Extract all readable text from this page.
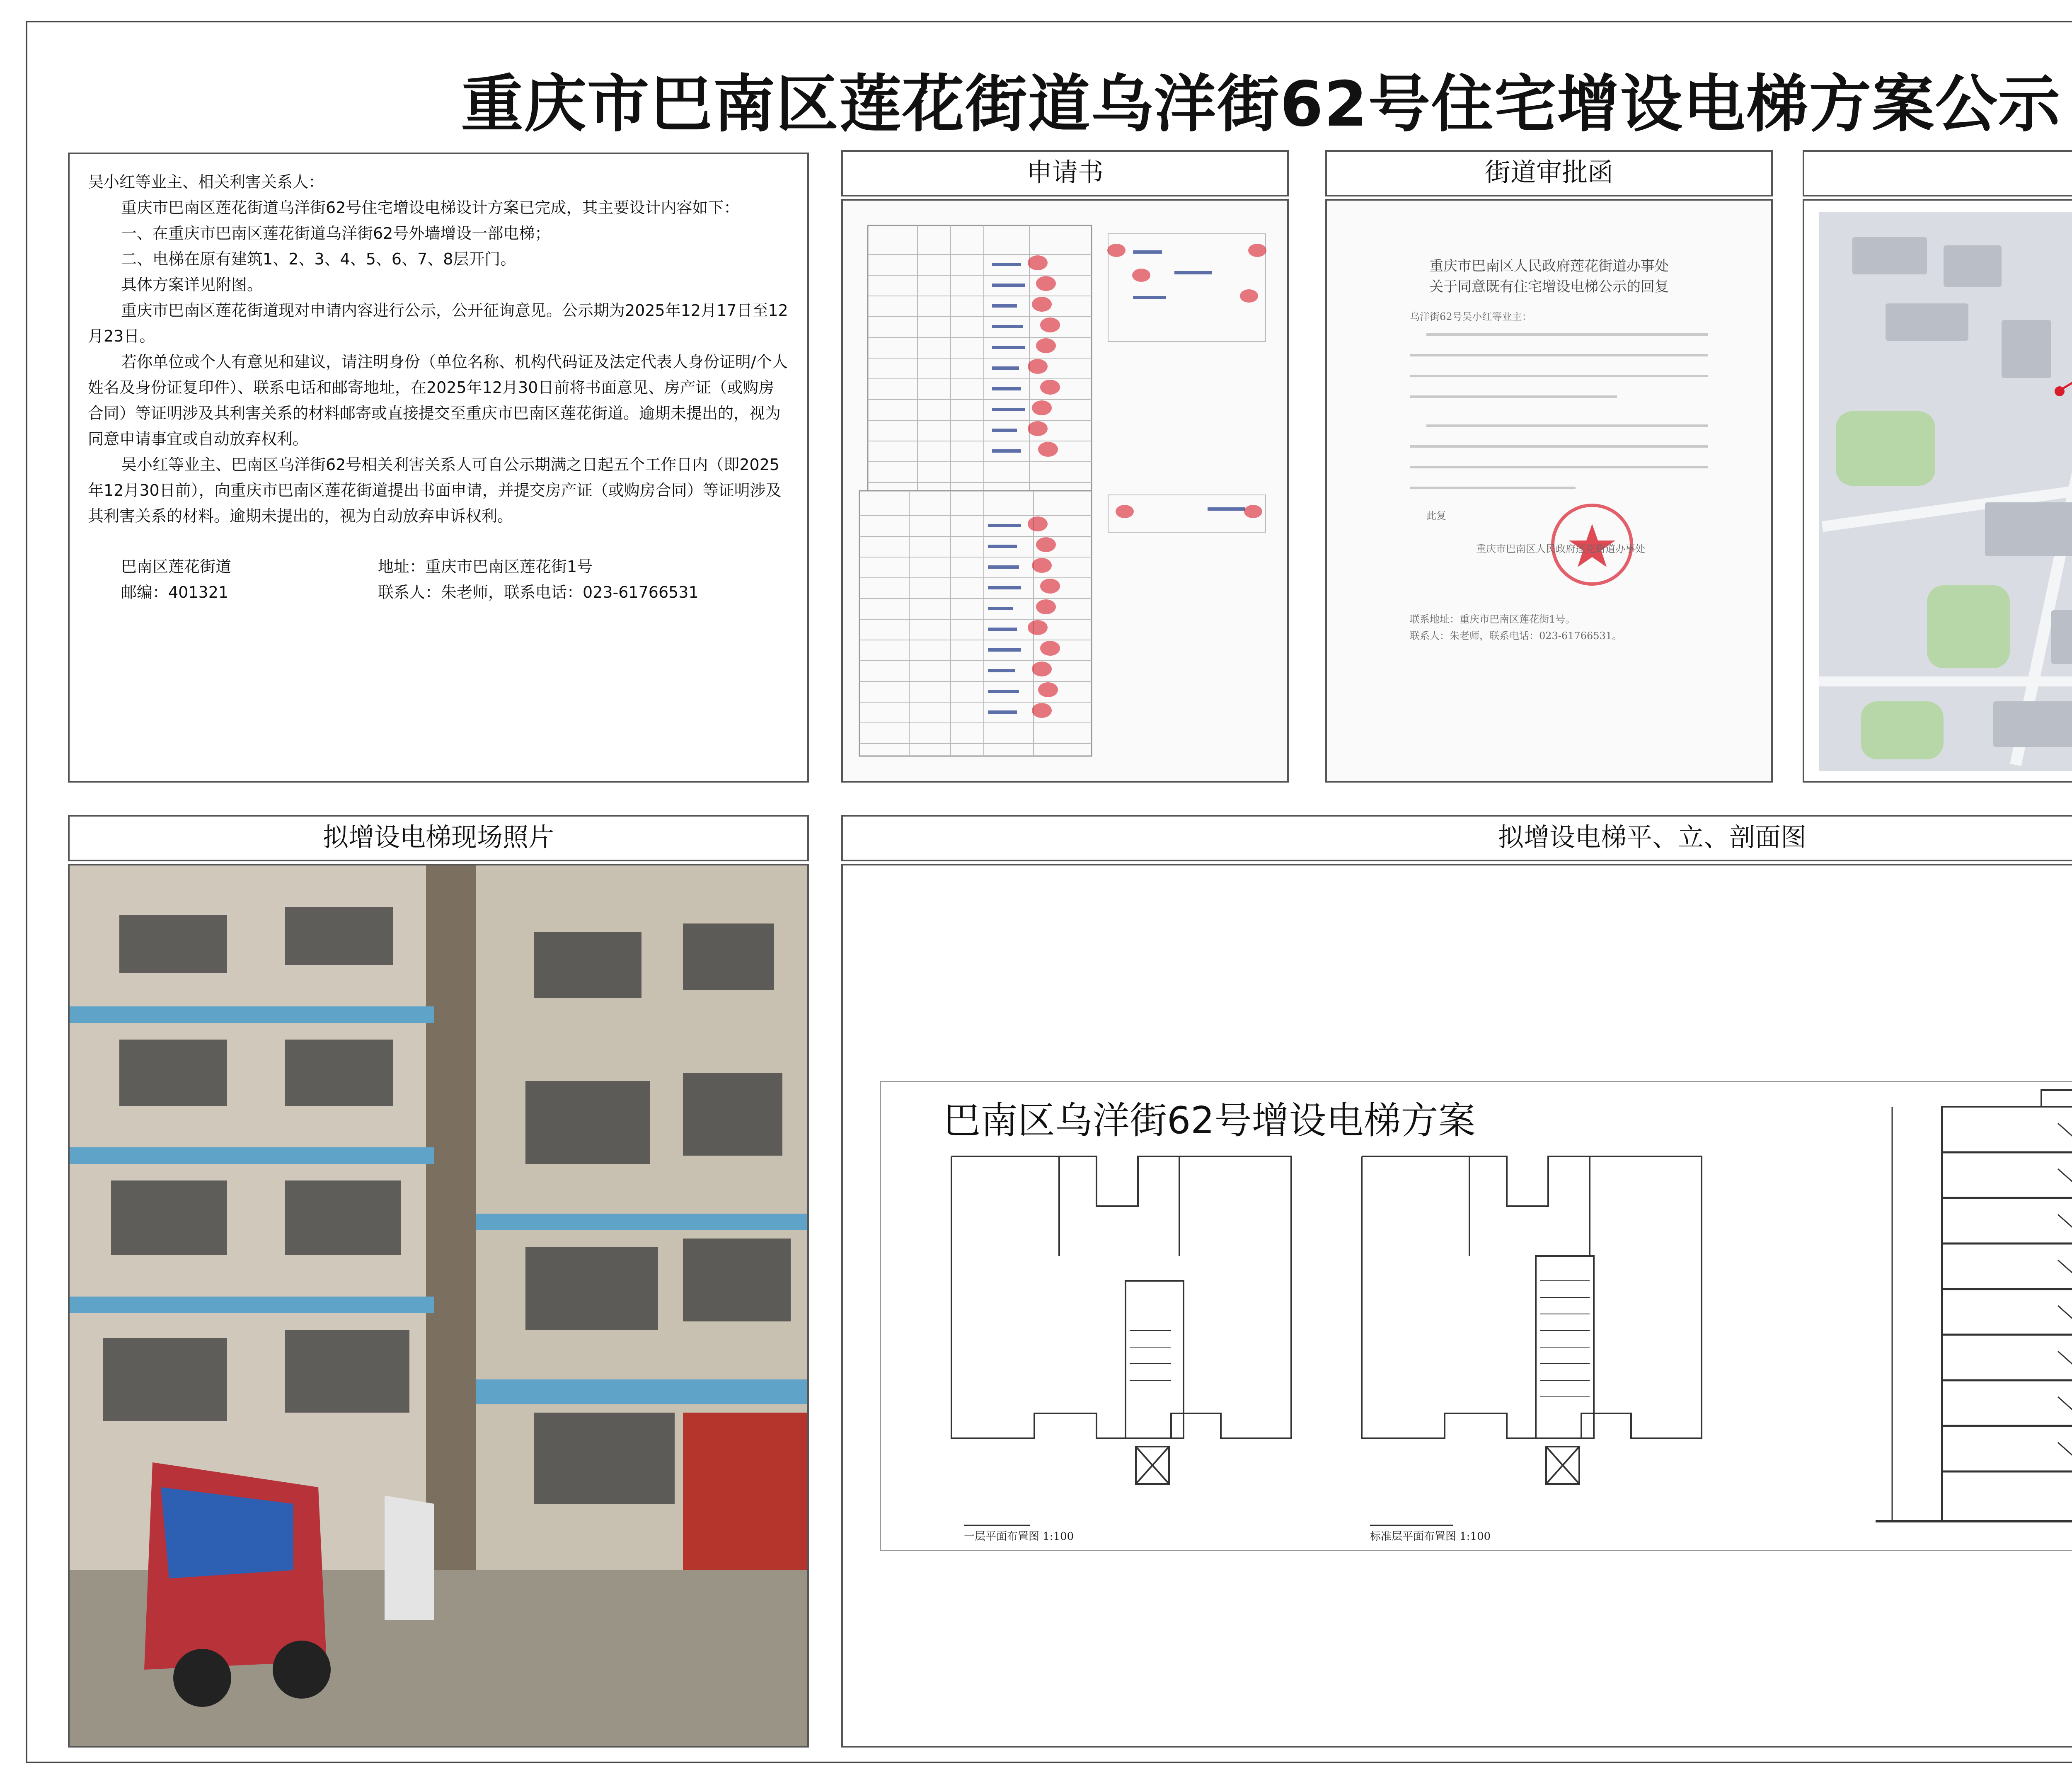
重庆市巴南区莲花街道乌洋街62号住宅增设电梯方案公示

吴小红等业主、相关利害关系人：

重庆市巴南区莲花街道乌洋街62号住宅增设电梯设计方案已完成，其主要设计内容如下：

一、在重庆市巴南区莲花街道乌洋街62号外墙增设一部电梯；

二、电梯在原有建筑1、2、3、4、5、6、7、8层开门。

具体方案详见附图。

重庆市巴南区莲花街道现对申请内容进行公示，公开征询意见。公示期为2025年12月17日至12月23日。

若你单位或个人有意见和建议，请注明身份（单位名称、机构代码证及法定代表人身份证明/个人姓名及身份证复印件）、联系电话和邮寄地址，在2025年12月30日前将书面意见、房产证（或购房合同）等证明涉及其利害关系的材料邮寄或直接提交至重庆市巴南区莲花街道。逾期未提出的，视为同意申请事宜或自动放弃权利。

吴小红等业主、巴南区乌洋街62号相关利害关系人可自公示期满之日起五个工作日内（即2025年12月30日前），向重庆市巴南区莲花街道提出书面申请，并提交房产证（或购房合同）等证明涉及其利害关系的材料。逾期未提出的，视为自动放弃申诉权利。

巴南区莲花街道	地址：重庆市巴南区莲花街1号
邮编：401321	联系人：朱老师，联系电话：023-61766531
申请书	街道审批函
重庆市巴南区人民政府莲花街道办事处
关于同意既有住宅增设电梯公示的回复
乌洋街62号吴小红等业主：
此复
重庆市巴南区人民政府莲花街道办事处
联系地址：重庆市巴南区莲花街1号。
联系人：朱老师，联系电话：023-61766531。
拟增设电梯现场照片	拟增设电梯平、立、剖面图
巴南区乌洋街62号增设电梯方案
一层平面布置图 1:100	标准层平面布置图 1:100
